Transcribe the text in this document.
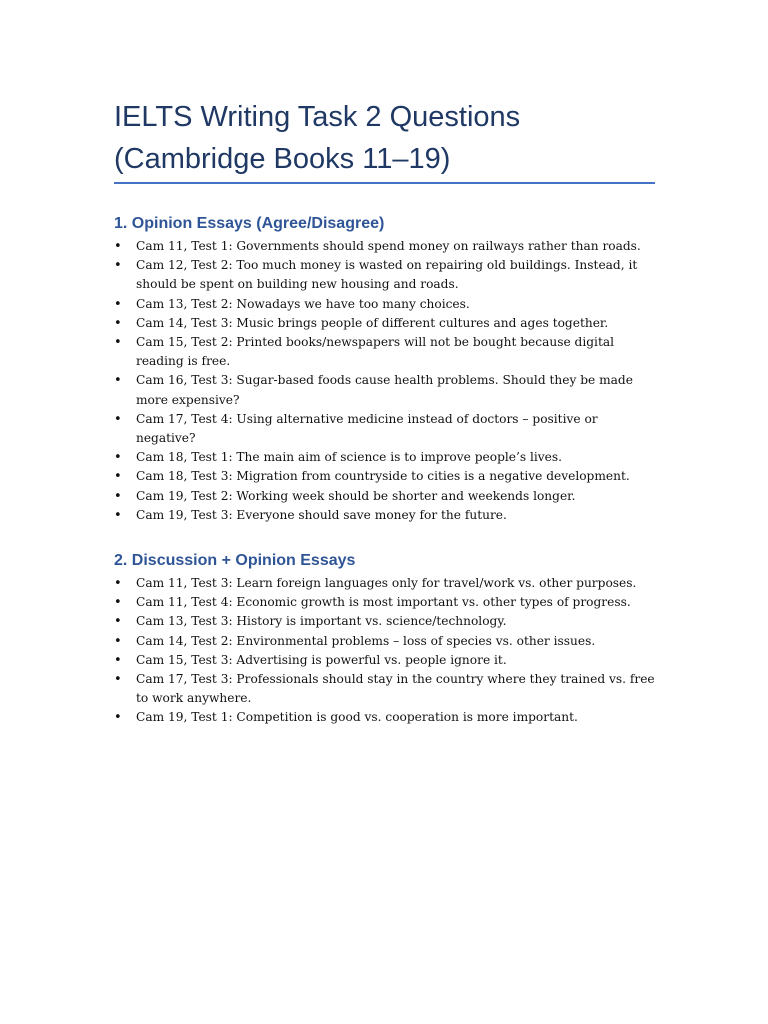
IELTS Writing Task 2 Questions
(Cambridge Books 11–19)
1. Opinion Essays (Agree/Disagree)
• Cam 11, Test 1: Governments should spend money on railways rather than roads.
• Cam 12, Test 2: Too much money is wasted on repairing old buildings. Instead, it should be spent on building new housing and roads.
• Cam 13, Test 2: Nowadays we have too many choices.
• Cam 14, Test 3: Music brings people of different cultures and ages together.
• Cam 15, Test 2: Printed books/newspapers will not be bought because digital reading is free.
• Cam 16, Test 3: Sugar-based foods cause health problems. Should they be made more expensive?
• Cam 17, Test 4: Using alternative medicine instead of doctors – positive or negative?
• Cam 18, Test 1: The main aim of science is to improve people’s lives.
• Cam 18, Test 3: Migration from countryside to cities is a negative development.
• Cam 19, Test 2: Working week should be shorter and weekends longer.
• Cam 19, Test 3: Everyone should save money for the future.
2. Discussion + Opinion Essays
• Cam 11, Test 3: Learn foreign languages only for travel/work vs. other purposes.
• Cam 11, Test 4: Economic growth is most important vs. other types of progress.
• Cam 13, Test 3: History is important vs. science/technology.
• Cam 14, Test 2: Environmental problems – loss of species vs. other issues.
• Cam 15, Test 3: Advertising is powerful vs. people ignore it.
• Cam 17, Test 3: Professionals should stay in the country where they trained vs. free to work anywhere.
• Cam 19, Test 1: Competition is good vs. cooperation is more important.
